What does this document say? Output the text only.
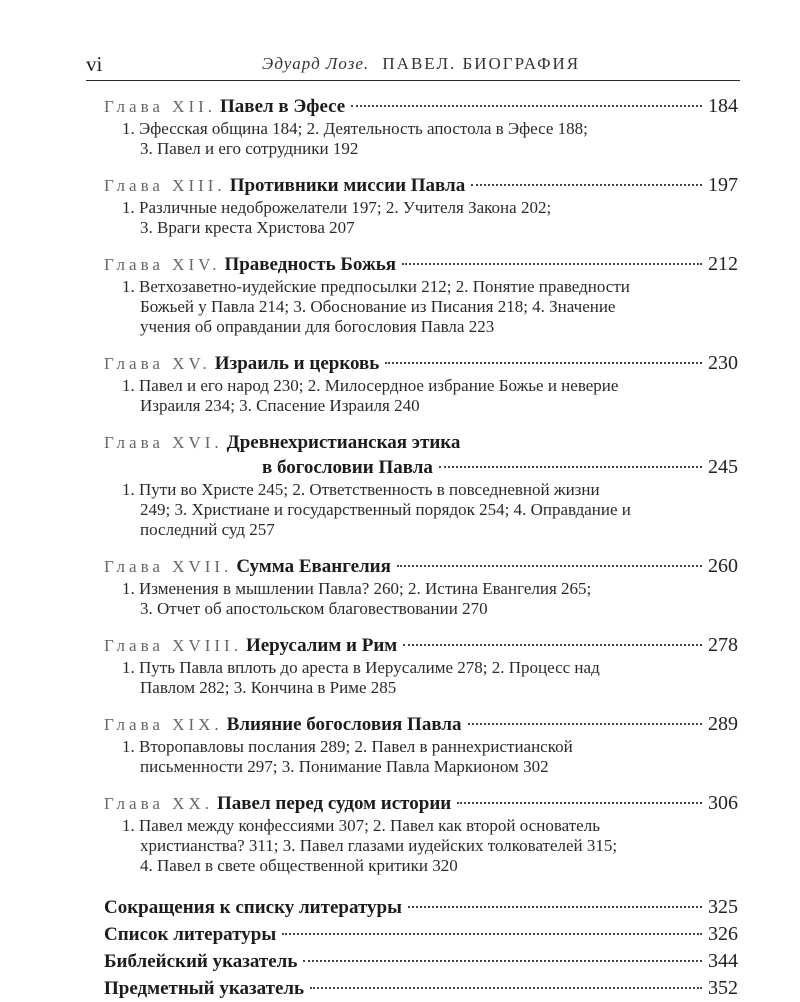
vi	Эдуард Лозе. ПАВЕЛ. БИОГРАФИЯ
Глава XII. Павел в Эфесе	184
1. Эфесская община 184; 2. Деятельность апостола в Эфесе 188;
3. Павел и его сотрудники 192
Глава XIII. Противники миссии Павла	197
1. Различные недоброжелатели 197; 2. Учителя Закона 202;
3. Враги креста Христова 207
Глава XIV. Праведность Божья	212
1. Ветхозаветно-иудейские предпосылки 212; 2. Понятие праведности
Божьей у Павла 214; 3. Обоснование из Писания 218; 4. Значение
учения об оправдании для богословия Павла 223
Глава XV. Израиль и церковь	230
1. Павел и его народ 230; 2. Милосердное избрание Божье и неверие
Израиля 234; 3. Спасение Израиля 240
Глава XVI. Древнехристианская этика
в богословии Павла	245
1. Пути во Христе 245; 2. Ответственность в повседневной жизни
249; 3. Христиане и государственный порядок 254; 4. Оправдание и
последний суд 257
Глава XVII. Сумма Евангелия	260
1. Изменения в мышлении Павла? 260; 2. Истина Евангелия 265;
3. Отчет об апостольском благовествовании 270
Глава XVIII. Иерусалим и Рим	278
1. Путь Павла вплоть до ареста в Иерусалиме 278; 2. Процесс над
Павлом 282; 3. Кончина в Риме 285
Глава XIX. Влияние богословия Павла	289
1. Второпавловы послания 289; 2. Павел в раннехристианской
письменности 297; 3. Понимание Павла Маркионом 302
Глава XX. Павел перед судом истории	306
1. Павел между конфессиями 307; 2. Павел как второй основатель
христианства? 311; 3. Павел глазами иудейских толкователей 315;
4. Павел в свете общественной критики 320
Сокращения к списку литературы	325
Список литературы	326
Библейский указатель	344
Предметный указатель	352
